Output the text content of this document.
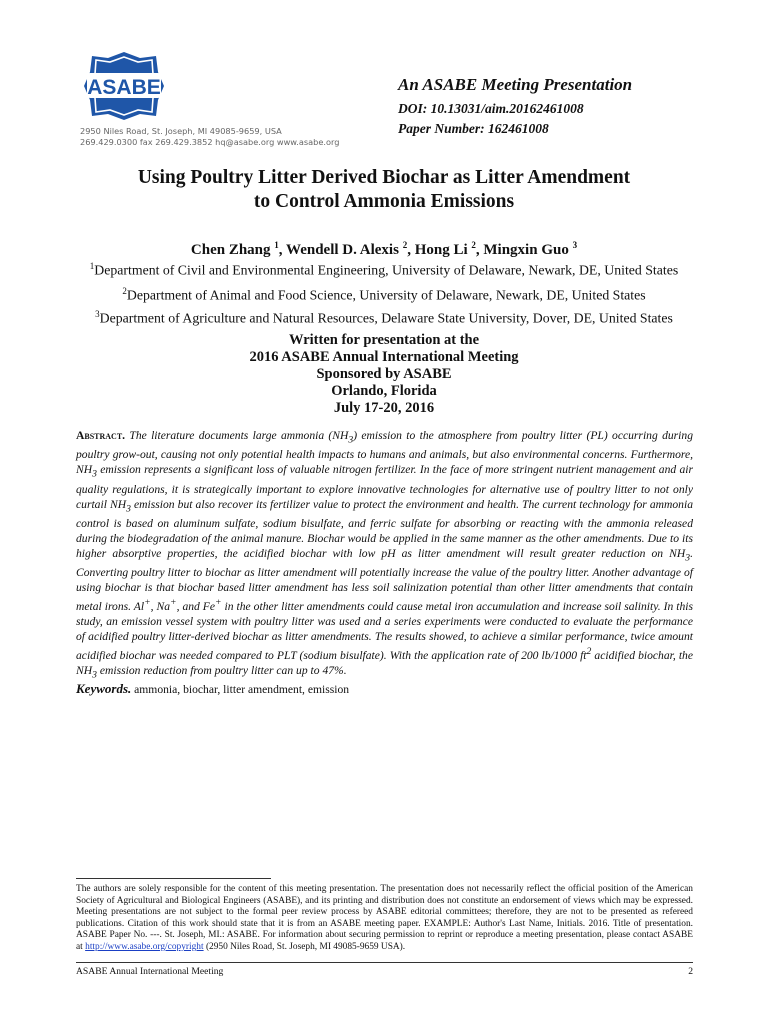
ASABE
2950 Niles Road, St. Joseph, MI 49085-9659, USA
269.429.0300 fax 269.429.3852 hq@asabe.org www.asabe.org
An ASABE Meeting Presentation
DOI: 10.13031/aim.20162461008
Paper Number: 162461008
Using Poultry Litter Derived Biochar as Litter Amendment
to Control Ammonia Emissions
Chen Zhang $^1$, Wendell D. Alexis $^2$, Hong Li $^2$, Mingxin Guo $^3$
$^1$Department of Civil and Environmental Engineering, University of Delaware, Newark, DE, United States
$^2$Department of Animal and Food Science, University of Delaware, Newark, DE, United States
$^3$Department of Agriculture and Natural Resources, Delaware State University, Dover, DE, United States
Written for presentation at the
2016 ASABE Annual International Meeting
Sponsored by ASABE
Orlando, Florida
July 17-20, 2016
Abstract. The literature documents large ammonia $(NH_3)$ emission to the atmosphere from poultry litter (PL) occurring during poultry grow-out, causing not only potential health impacts to humans and animals, but also environmental concerns. Furthermore, $NH_3$ emission represents a significant loss of valuable nitrogen fertilizer. In the face of more stringent nutrient management and air quality regulations, it is strategically important to explore innovative technologies for alternative use of poultry litter to not only curtail $NH_3$ emission but also recover its fertilizer value to protect the environment and health. The current technology for ammonia control is based on aluminum sulfate, sodium bisulfate, and ferric sulfate for absorbing or reacting with the ammonia released during the biodegradation of the animal manure. Biochar would be applied in the same manner as the other amendments. Due to its higher absorptive properties, the acidified biochar with low pH as litter amendment will result greater reduction on $NH_3$. Converting poultry litter to biochar as litter amendment will potentially increase the value of the poultry litter. Another advantage of using biochar is that biochar based litter amendment has less soil salinization potential than other litter amendments that contain metal irons. Al+, Na+, and Fe+ in the other litter amendments could cause metal iron accumulation and increase soil salinity. In this study, an emission vessel system with poultry litter was used and a series experiments were conducted to evaluate the performance of acidified poultry litter-derived biochar as litter amendments. The results showed, to achieve a similar performance, twice amount acidified biochar was needed compared to PLT (sodium bisulfate). With the application rate of 200 lb/1000 $ft^2$ acidified biochar, the $NH_3$ emission reduction from poultry litter can up to 47%.
Keywords. ammonia, biochar, litter amendment, emission
The authors are solely responsible for the content of this meeting presentation. The presentation does not necessarily reflect the official position of the American Society of Agricultural and Biological Engineers (ASABE), and its printing and distribution does not constitute an endorsement of views which may be expressed. Meeting presentations are not subject to the formal peer review process by ASABE editorial committees; therefore, they are not to be presented as refereed publications. Citation of this work should state that it is from an ASABE meeting paper. EXAMPLE: Author's Last Name, Initials. 2016. Title of presentation. ASABE Paper No. ---. St. Joseph, MI.: ASABE. For information about securing permission to reprint or reproduce a meeting presentation, please contact ASABE at http://www.asabe.org/copyright (2950 Niles Road, St. Joseph, MI 49085-9659 USA).
ASABE Annual International Meeting	2
